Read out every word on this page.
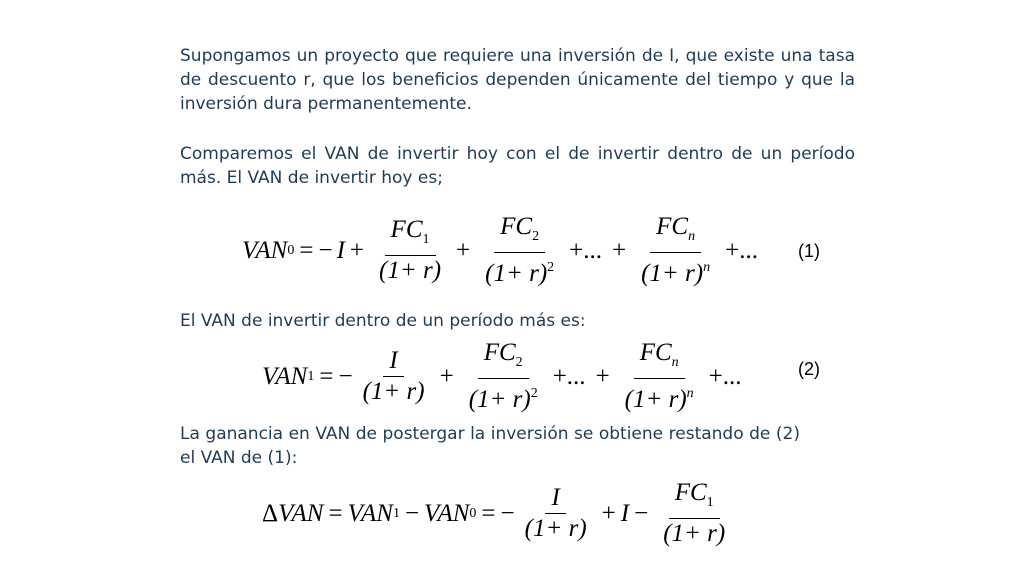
Supongamos un proyecto que requiere una inversión de I, que existe una tasa de descuento r, que los beneficios dependen únicamente del tiempo y que la inversión dura permanentemente.

Comparemos el VAN de invertir hoy con el de invertir dentro de un período más. El VAN de invertir hoy es;

VAN 0 = − $I + \frac{FC_1}{(1+ r)} + \frac{FC_2}{(1+ r)^2}$ +... + $\frac{FC_n}{(1+ r)^n}$ +... (1)

El VAN de invertir dentro de un período más es:

VAN 1 = − $\frac{I}{(1+ r)} + \frac{FC_2}{(1+ r)^2}$ +... + $\frac{FC_n}{(1+ r)^n}$ +...	(2)

La ganancia en VAN de postergar la inversión se obtiene restando de (2) el VAN de (1):

Δ VAN = VAN 1 − VAN 0 = − $\frac{I}{(1+ r)} + I - \frac{FC_1}{(1+ r)}$
